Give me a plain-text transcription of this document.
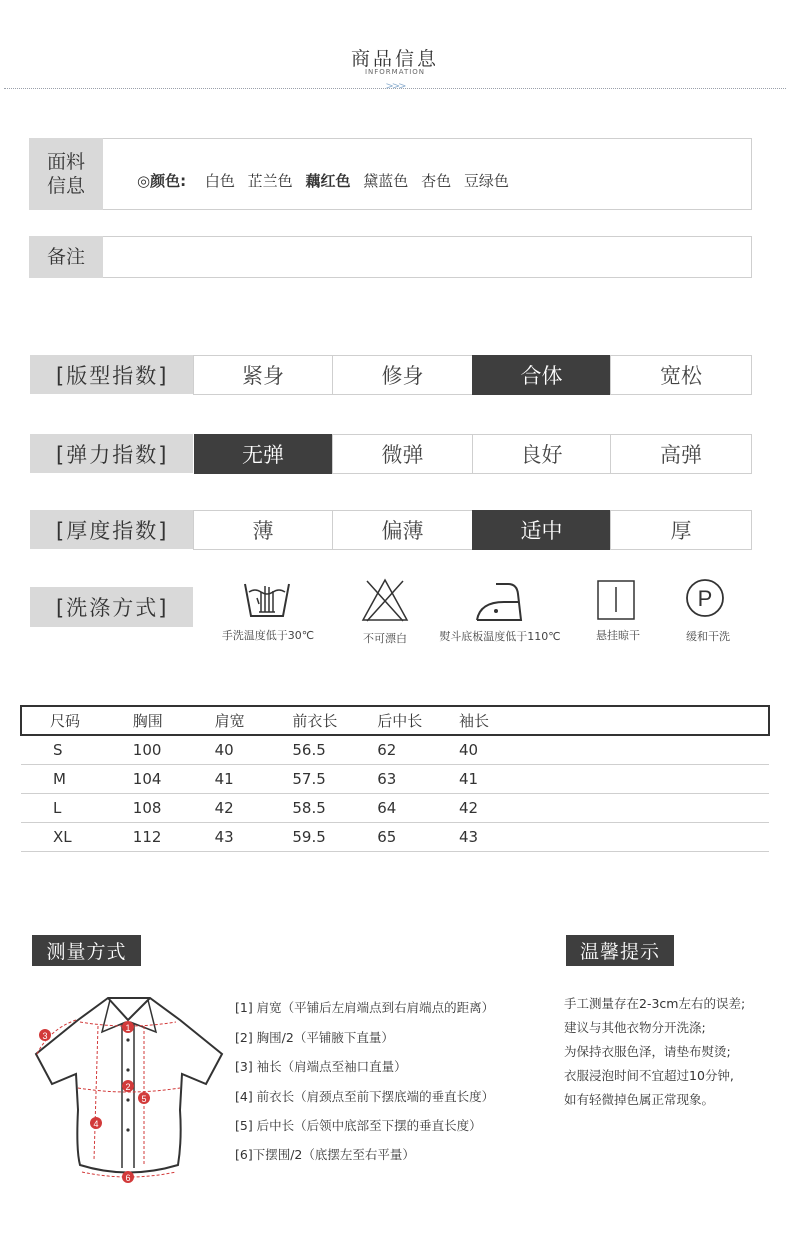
商品信息
INFORMATION
>>>
面料
信息	◎颜色: 白色 芷兰色 藕红色 黛蓝色 杏色 豆绿色
备注
[版型指数]	紧身	修身	合体	宽松
[弹力指数]	无弹	微弹	良好	高弹
[厚度指数]	薄	偏薄	适中	厚
[洗涤方式]
手洗温度低于30℃	不可漂白	熨斗底板温度低于110℃	悬挂晾干
P
缓和干洗
尺码	胸围	肩宽	前衣长	后中长	袖长
S	100	40	56.5	62	40
M	104	41	57.5	63	41
L	108	42	58.5	64	42
XL	112	43	59.5	65	43
测量方式
1
2
3
4
5
6
[1] 肩宽（平铺后左肩端点到右肩端点的距离）
[2] 胸围/2（平铺腋下直量）
[3] 袖长（肩端点至袖口直量）
[4] 前衣长（肩颈点至前下摆底端的垂直长度）
[5] 后中长（后领中底部至下摆的垂直长度）
[6]下摆围/2（底摆左至右平量）
温馨提示
手工测量存在2-3cm左右的误差;
建议与其他衣物分开洗涤;
为保持衣服色泽，请垫布熨烫;
衣服浸泡时间不宜超过10分钟,
如有轻微掉色属正常现象。
